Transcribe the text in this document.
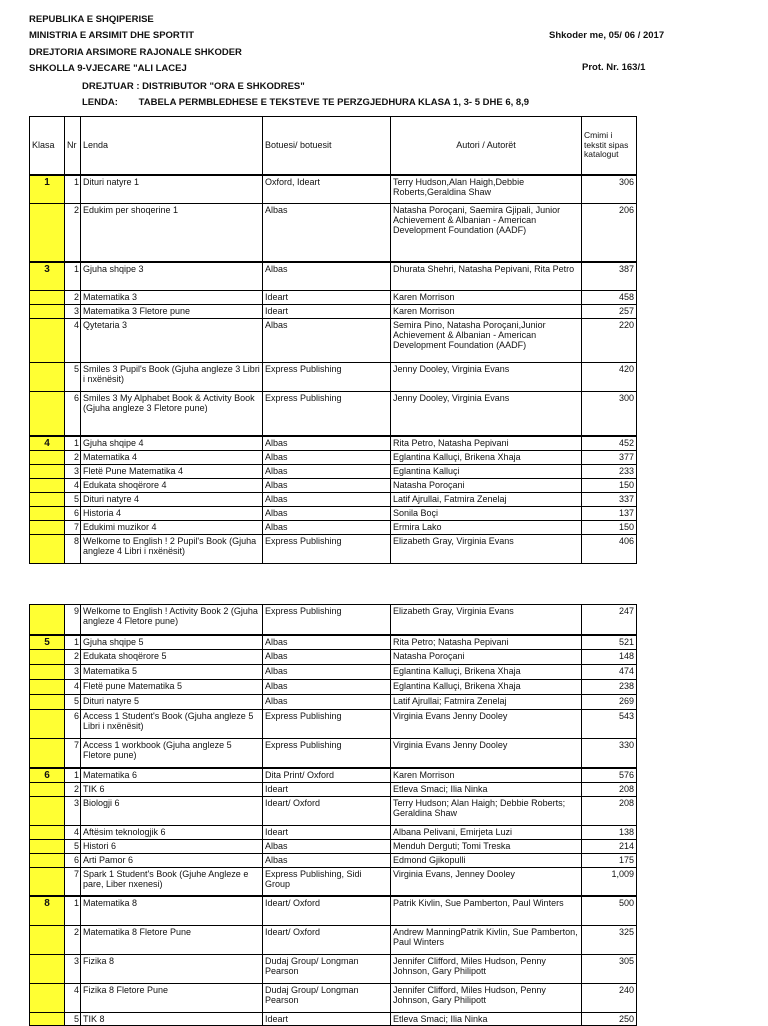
REPUBLIKA E SHQIPERISE
MINISTRIA E ARSIMIT DHE SPORTIT
DREJTORIA ARSIMORE RAJONALE SHKODER
SHKOLLA 9-VJECARE "ALI LACEJ
Shkoder me, 05/ 06 / 2017
Prot. Nr. 163/1
DREJTUAR : DISTRIBUTOR "ORA E SHKODRES"
LENDA: TABELA PERMBLEDHESE E TEKSTEVE TE PERZGJEDHURA KLASA 1, 3- 5 DHE 6, 8,9
Klasa	Nr	Lenda	Botuesi/ botuesit	Autori / Autorët	Cmimi i tekstit sipas katalogut
1	1	Dituri natyre 1	Oxford, Ideart	Terry Hudson,Alan Haigh,Debbie Roberts,Geraldina Shaw	306
	2	Edukim per shoqerine 1	Albas	Natasha Poroçani, Saemira Gjipali, Junior Achievement & Albanian - American Development Foundation (AADF)	206
3	1	Gjuha shqipe 3	Albas	Dhurata Shehri, Natasha Pepivani, Rita Petro	387
	2	Matematika 3	Ideart	Karen Morrison	458
	3	Matematika 3 Fletore pune	Ideart	Karen Morrison	257
	4	Qytetaria 3	Albas	Semira Pino, Natasha Poroçani,Junior Achievement & Albanian - American Development Foundation (AADF)	220
	5	Smiles 3 Pupil's Book (Gjuha angleze 3 Libri i nxënësit)	Express Publishing	Jenny Dooley, Virginia Evans	420
	6	Smiles 3 My Alphabet Book & Activity Book (Gjuha angleze 3 Fletore pune)	Express Publishing	Jenny Dooley, Virginia Evans	300
4	1	Gjuha shqipe 4	Albas	Rita Petro, Natasha Pepivani	452
	2	Matematika 4	Albas	Eglantina Kalluçi, Brikena Xhaja	377
	3	Fletë Pune Matematika 4	Albas	Eglantina Kalluçi	233
	4	Edukata shoqërore 4	Albas	Natasha Poroçani	150
	5	Dituri natyre 4	Albas	Latif Ajrullai, Fatmira Zenelaj	337
	6	Historia 4	Albas	Sonila Boçi	137
	7	Edukimi muzikor 4	Albas	Ermira Lako	150
	8	Welkome to English ! 2 Pupil's Book (Gjuha angleze 4 Libri i nxënësit)	Express Publishing	Elizabeth Gray, Virginia Evans	406
	9	Welkome to English ! Activity Book 2 (Gjuha angleze 4 Fletore pune)	Express Publishing	Elizabeth Gray, Virginia Evans	247
5	1	Gjuha shqipe 5	Albas	Rita Petro; Natasha Pepivani	521
	2	Edukata shoqërore 5	Albas	Natasha Poroçani	148
	3	Matematika 5	Albas	Eglantina Kalluçi, Brikena Xhaja	474
	4	Fletë pune Matematika 5	Albas	Eglantina Kalluçi, Brikena Xhaja	238
	5	Dituri natyre 5	Albas	Latif Ajrullai; Fatmira Zenelaj	269
	6	Access 1 Student's Book (Gjuha angleze 5 Libri i nxënësit)	Express Publishing	Virginia Evans Jenny Dooley	543
	7	Access 1 workbook (Gjuha angleze 5 Fletore pune)	Express Publishing	Virginia Evans Jenny Dooley	330
6	1	Matematika 6	Dita Print/ Oxford	Karen Morrison	576
	2	TIK 6	Ideart	Etleva Smaci; Ilia Ninka	208
	3	Biologji 6	Ideart/ Oxford	Terry Hudson; Alan Haigh; Debbie Roberts; Geraldina Shaw	208
	4	Aftësim teknologjik 6	Ideart	Albana Pelivani, Emirjeta Luzi	138
	5	Histori 6	Albas	Menduh Derguti; Tomi Treska	214
	6	Arti Pamor 6	Albas	Edmond Gjikopulli	175
	7	Spark 1 Student's Book (Gjuhe Angleze e pare, Liber nxenesi)	Express Publishing, Sidi Group	Virginia Evans, Jenney Dooley	1,009
8	1	Matematika 8	Ideart/ Oxford	Patrik Kivlin, Sue Pamberton, Paul Winters	500
	2	Matematika 8 Fletore Pune	Ideart/ Oxford	Andrew ManningPatrik Kivlin, Sue Pamberton, Paul Winters	325
	3	Fizika 8	Dudaj Group/ Longman Pearson	Jennifer Clifford, Miles Hudson, Penny Johnson, Gary Philipott	305
	4	Fizika 8 Fletore Pune	Dudaj Group/ Longman Pearson	Jennifer Clifford, Miles Hudson, Penny Johnson, Gary Philipott	240
	5	TIK 8	Ideart	Etleva Smaci; Ilia Ninka	250
